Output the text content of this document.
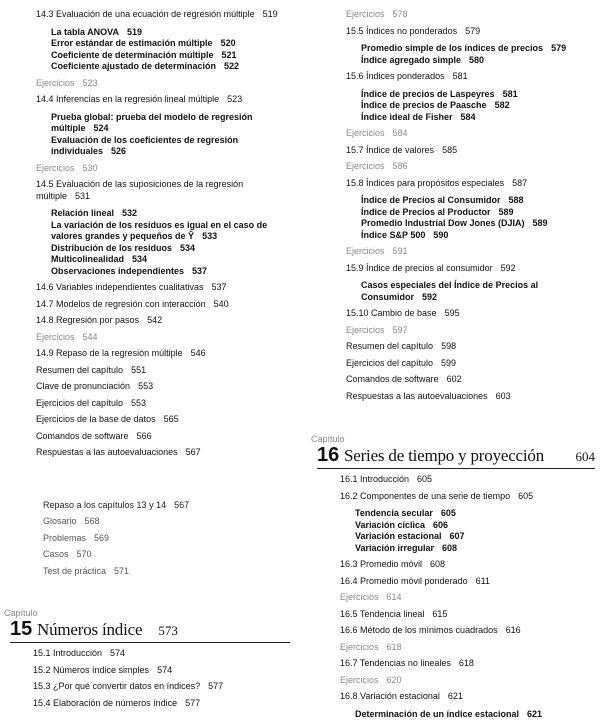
14.3 Evaluación de una ecuación de regresión múltiple 519
La tabla ANOVA 519
Error estándar de estimación múltiple 520
Coeficiente de determinación múltiple 521
Coeficiente ajustado de determinación 522
Ejercicios 523
14.4 Inferencias en la regresión lineal múltiple 523
Prueba global: prueba del modelo de regresión múltiple 524
Evaluación de los coeficientes de regresión individuales 526
Ejercicios 530
14.5 Evaluación de las suposiciones de la regresión múltiple 531
Relación lineal 532
La variación de los residuos es igual en el caso de valores grandes y pequeños de Ŷ 533
Distribución de los residuos 534
Multicolinealidad 534
Observaciones independientes 537
14.6 Variables independientes cualitativas 537
14.7 Modelos de regresión con interacción 540
14.8 Regresión por pasos 542
Ejercicios 544
14.9 Repaso de la regresión múltiple 546
Resumen del capítulo 551
Clave de pronunciación 553
Ejercicios del capítulo 553
Ejercicios de la base de datos 565
Comandos de software 566
Respuestas a las autoevaluaciones 567
Repaso a los capítulos 13 y 14 567
Glosario 568
Problemas 569
Casos 570
Test de práctica 571
Capítulo
15 Números índice 573
15.1 Introducción 574
15.2 Números índice simples 574
15.3 ¿Por qué convertir datos en índices? 577
15.4 Elaboración de números índice 577
Ejercicios 578
15.5 Índices no ponderados 579
Promedio simple de los índices de precios 579
Índice agregado simple 580
15.6 Índices ponderados 581
Índice de precios de Laspeyres 581
Índice de precios de Paasche 582
Índice ideal de Fisher 584
Ejercicios 584
15.7 Índice de valores 585
Ejercicios 586
15.8 Índices para propósitos especiales 587
Índice de Precios al Consumidor 588
Índice de Precios al Productor 589
Promedio Industrial Dow Jones (DJIA) 589
Índice S&P 500 590
Ejercicios 591
15.9 Índice de precios al consumidor 592
Casos especiales del Índice de Precios al Consumidor 592
15.10 Cambio de base 595
Ejercicios 597
Resumen del capítulo 598
Ejercicios del capítulo 599
Comandos de software 602
Respuestas a las autoevaluaciones 603
Capítulo
16 Series de tiempo y proyección 604
16.1 Introducción 605
16.2 Componentes de una serie de tiempo 605
Tendencia secular 605
Variación cíclica 606
Variación estacional 607
Variación irregular 608
16.3 Promedio móvil 608
16.4 Promedio móvil ponderado 611
Ejercicios 614
16.5 Tendencia lineal 615
16.6 Método de los mínimos cuadrados 616
Ejercicios 618
16.7 Tendencias no lineales 618
Ejercicios 620
16.8 Variación estacional 621
Determinación de un índice estacional 621
